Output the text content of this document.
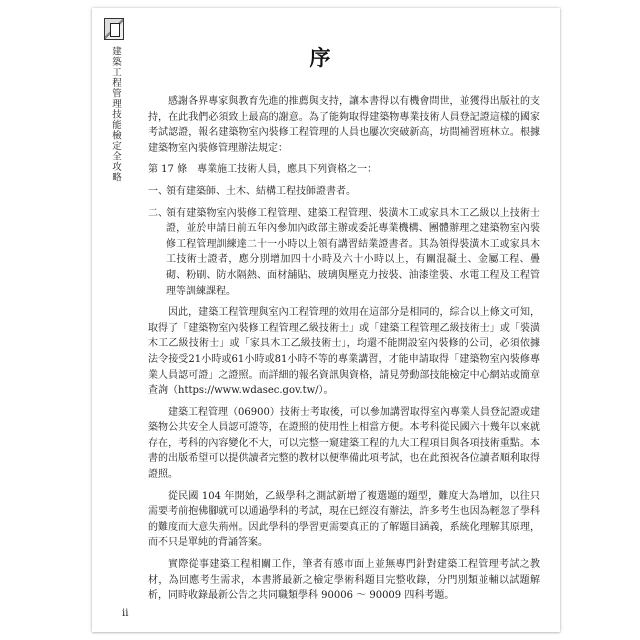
建築工程管理技能檢定全攻略	序

感謝各界專家與教育先進的推薦與支持，讓本書得以有機會問世，並獲得出版社的支持，在此我們必須致上最高的謝意。為了能夠取得建築物專業技術人員登記證這樣的國家考試認證，報名建築物室內裝修工程管理的人員也屢次突破新高，坊間補習班林立。根據建築物室內裝修管理辦法規定：

第 17 條　專業施工技術人員，應具下列資格之一：

一、
領有建築師、土木、結構工程技師證書者。
二、
領有建築物室內裝修工程管理、建築工程管理、裝潢木工或家具木工乙級以上技術士證，並於申請日前五年內參加內政部主辦或委託專業機構、團體辦理之建築物室內裝修工程管理訓練達二十一小時以上領有講習結業證書者。其為領得裝潢木工或家具木工技術士證者，應分別增加四十小時及六十小時以上，有關混凝土、金屬工程、疊砌、粉刷、防水隔熱、面材舖貼、玻璃與壓克力按裝、油漆塗裝、水電工程及工程管理等訓練課程。

因此，建築工程管理與室內工程管理的效用在這部分是相同的，綜合以上條文可知，取得了「建築物室內裝修工程管理乙級技術士」或「建築工程管理乙級技術士」或「裝潢木工乙級技術士」或「家具木工乙級技術士」，均還不能開設室內裝修的公司，必須依據法令接受21小時或61小時或81小時不等的專業講習，才能申請取得「建築物室內裝修專業人員認可證」之證照。而詳細的報名資訊與資格，請見勞動部技能檢定中心網站或簡章查詢（https://www.wdasec.gov.tw/）。

建築工程管理（06900）技術士考取後，可以參加講習取得室內專業人員登記證或建築物公共安全人員認可證等，在證照的使用性上相當方便。本考科從民國六十幾年以來就存在，考科的內容變化不大，可以完整一窺建築工程的九大工程項目與各項技術重點。本書的出版希望可以提供讀者完整的教材以便準備此項考試，也在此預祝各位讀者順利取得證照。

從民國 104 年開始，乙級學科之測試新增了複選題的題型，難度大為增加，以往只需要考前抱佛腳就可以通過學科的考試，現在已經沒有辦法，許多考生也因為輕忽了學科的難度而大意失荊州。因此學科的學習更需要真正的了解題目涵義，系統化理解其原理，而不只是單純的背誦答案。

實際從事建築工程相關工作，筆者有感市面上並無專門針對建築工程管理考試之教材，為回應考生需求，本書將最新之檢定學術科題目完整收錄，分門別類並輔以試題解析，同時收錄最新公告之共同職類學科 90006 ～ 90009 四科考題。

ii
